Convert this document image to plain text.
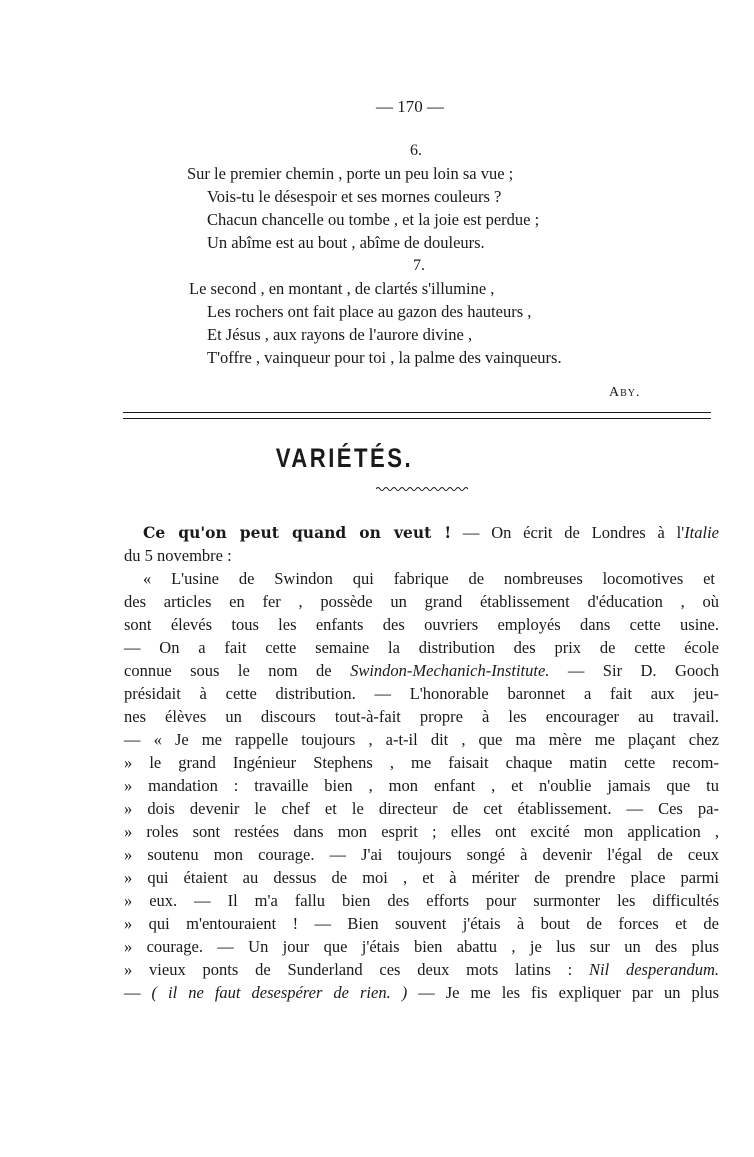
— 170 —
6.
Sur le premier chemin , porte un peu loin sa vue ;
Vois-tu le désespoir et ses mornes couleurs ?
Chacun chancelle ou tombe , et la joie est perdue ;
Un abîme est au bout , abîme de douleurs.
7.
Le second , en montant , de clartés s'illumine ,
Les rochers ont fait place au gazon des hauteurs ,
Et Jésus , aux rayons de l'aurore divine ,
T'offre , vainqueur pour toi , la palme des vainqueurs.
Aby.
VARIÉTÉS.
Ce qu'on peut quand on veut ! — On écrit de Londres à l'Italie
du 5 novembre :
« L'usine de Swindon qui fabrique de nombreuses locomotives et
des articles en fer , possède un grand établissement d'éducation , où
sont élevés tous les enfants des ouvriers employés dans cette usine.
— On a fait cette semaine la distribution des prix de cette école
connue sous le nom de Swindon-Mechanich-Institute. — Sir D. Gooch
présidait à cette distribution. — L'honorable baronnet a fait aux jeu-
nes élèves un discours tout-à-fait propre à les encourager au travail.
— « Je me rappelle toujours , a-t-il dit , que ma mère me plaçant chez
» le grand Ingénieur Stephens , me faisait chaque matin cette recom-
» mandation : travaille bien , mon enfant , et n'oublie jamais que tu
» dois devenir le chef et le directeur de cet établissement. — Ces pa-
» roles sont restées dans mon esprit ; elles ont excité mon application ,
» soutenu mon courage. — J'ai toujours songé à devenir l'égal de ceux
» qui étaient au dessus de moi , et à mériter de prendre place parmi
» eux. — Il m'a fallu bien des efforts pour surmonter les difficultés
» qui m'entouraient ! — Bien souvent j'étais à bout de forces et de
» courage. — Un jour que j'étais bien abattu , je lus sur un des plus
» vieux ponts de Sunderland ces deux mots latins : Nil desperandum.
— ( il ne faut desespérer de rien. ) — Je me les fis expliquer par un plus
